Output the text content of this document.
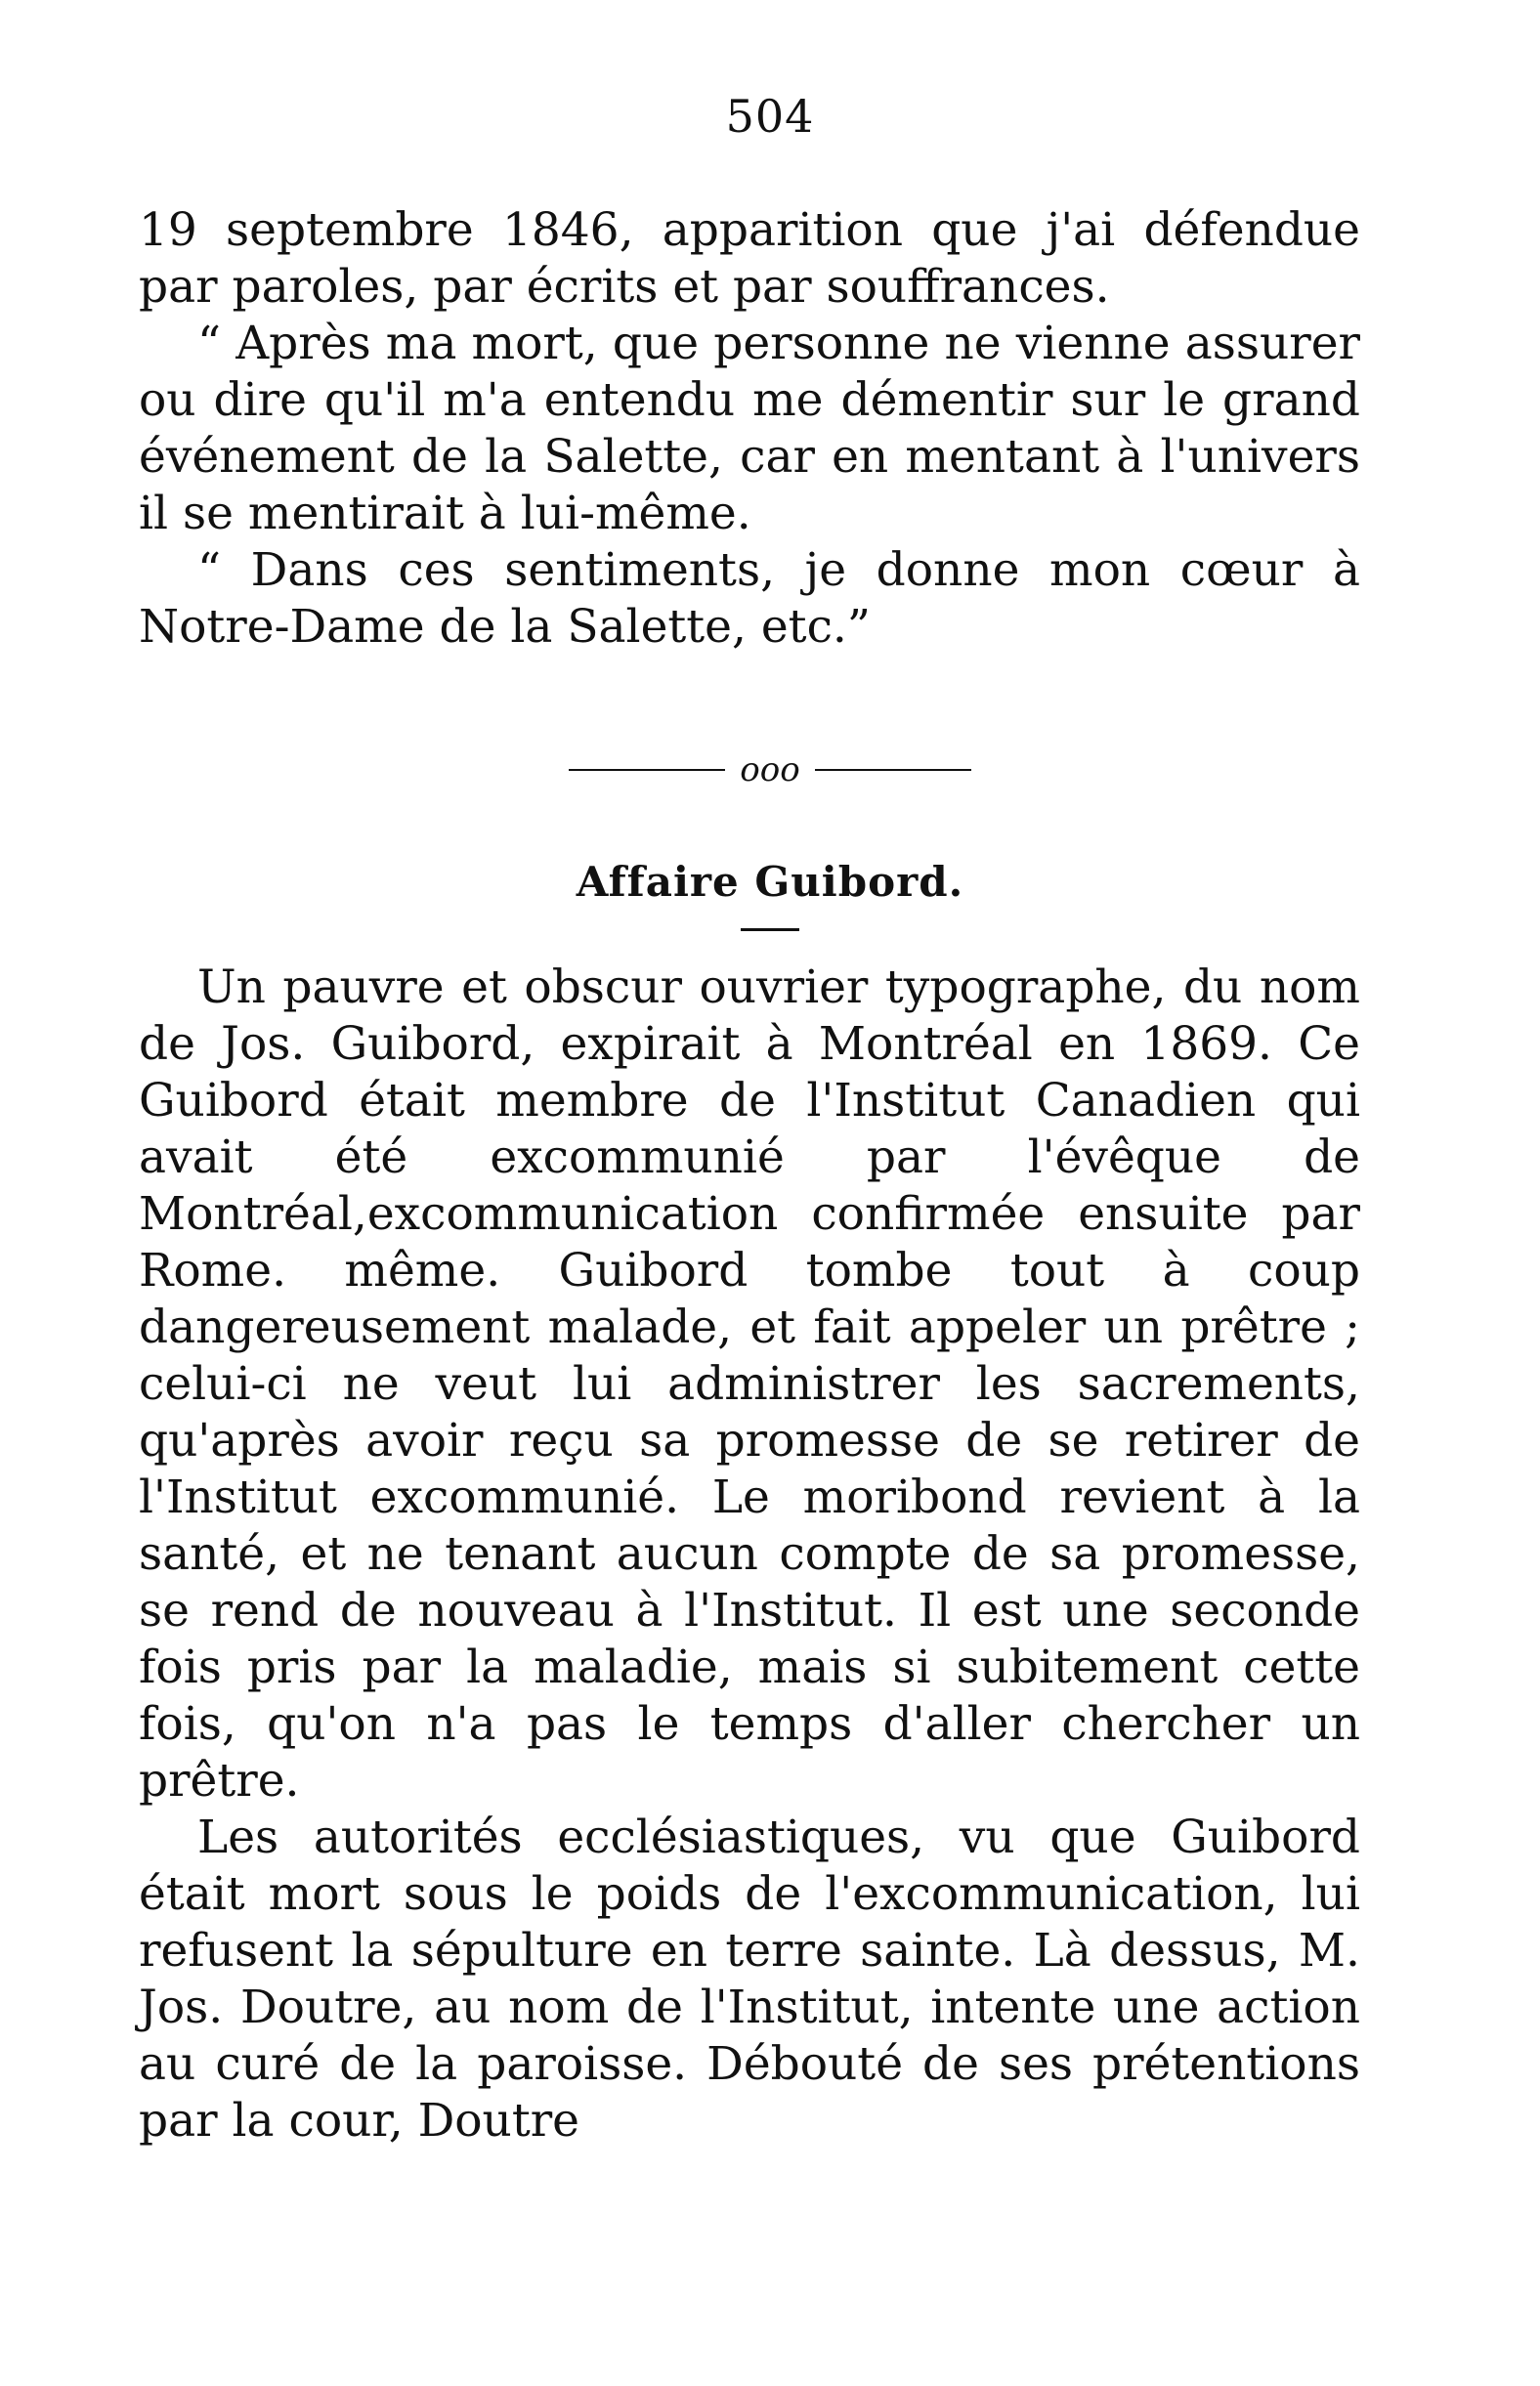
504

19 septembre 1846, apparition que j'ai défendue par paroles, par écrits et par souffrances.

“ Après ma mort, que personne ne vienne assurer ou dire qu'il m'a entendu me démentir sur le grand événement de la Salette, car en mentant à l'univers il se mentirait à lui-même.

“ Dans ces sentiments, je donne mon cœur à Notre-Dame de la Salette, etc.”

ooo
Affaire Guibord.

Un pauvre et obscur ouvrier typographe, du nom de Jos. Guibord, expirait à Montréal en 1869. Ce Guibord était membre de l'Institut Canadien qui avait été excommunié par l'évêque de Montréal,excommunication confirmée ensuite par Rome. même. Guibord tombe tout à coup dangereusement malade, et fait appeler un prêtre ; celui-ci ne veut lui administrer les sacrements, qu'après avoir reçu sa promesse de se retirer de l'Institut excommunié. Le moribond revient à la santé, et ne tenant aucun compte de sa promesse, se rend de nouveau à l'Institut. Il est une seconde fois pris par la maladie, mais si subitement cette fois, qu'on n'a pas le temps d'aller chercher un prêtre.

Les autorités ecclésiastiques, vu que Guibord était mort sous le poids de l'excommunication, lui refusent la sépulture en terre sainte. Là dessus, M. Jos. Doutre, au nom de l'Institut, intente une action au curé de la paroisse. Débouté de ses prétentions par la cour, Doutre
